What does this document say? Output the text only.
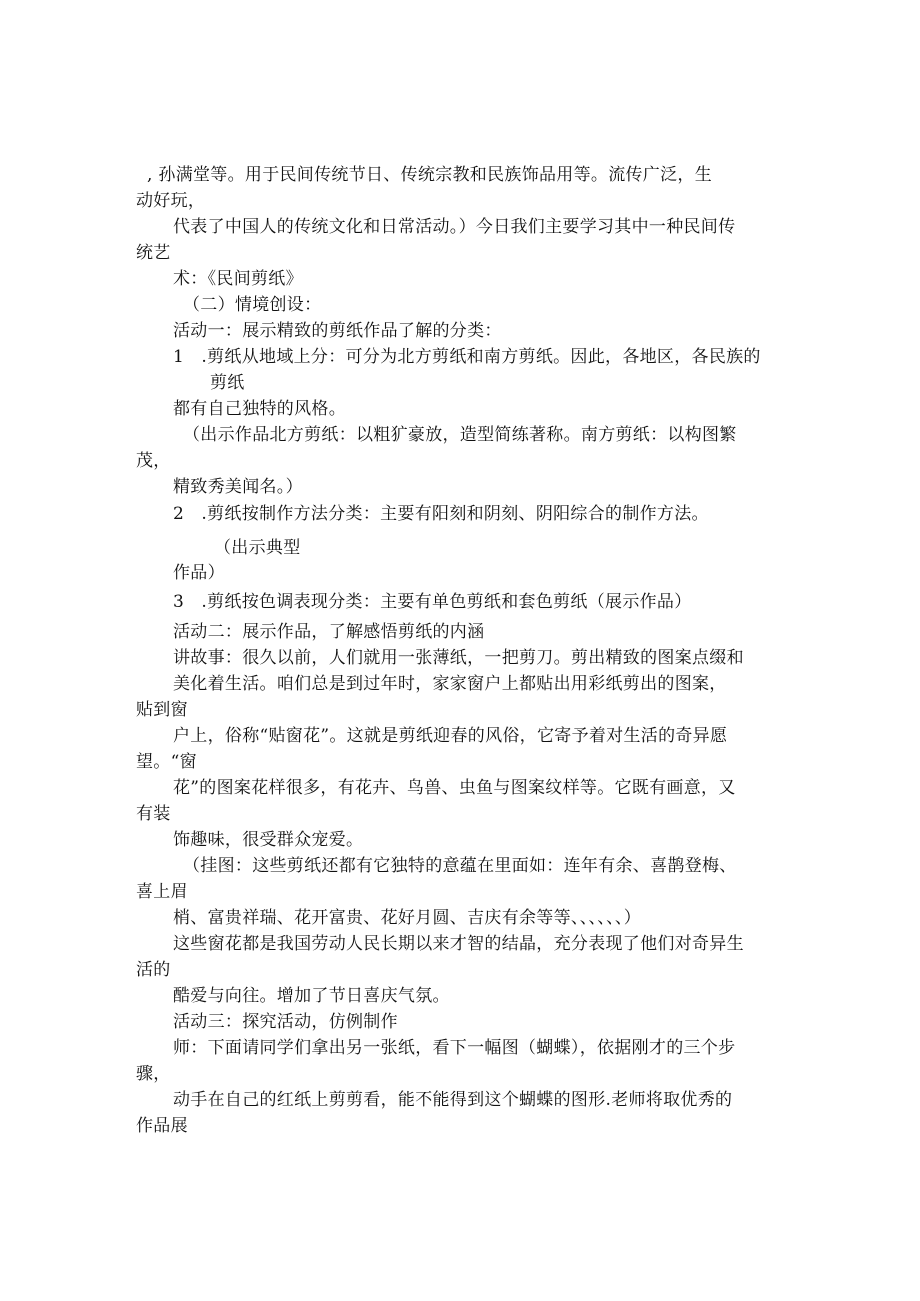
, 孙满堂等。用于民间传统节日、传统宗教和民族饰品用等。流传广泛，生
动好玩，
代表了中国人的传统文化和日常活动。）今日我们主要学习其中一种民间传
统艺
术：《民间剪纸》
（二）情境创设：
活动一：展示精致的剪纸作品了解的分类：
1　.剪纸从地域上分：可分为北方剪纸和南方剪纸。因此，各地区，各民族的
剪纸
都有自己独特的风格。
（出示作品北方剪纸：以粗犷豪放，造型简练著称。南方剪纸：以构图繁
茂，
精致秀美闻名。）
2　.剪纸按制作方法分类：主要有阳刻和阴刻、阴阳综合的制作方法。
（出示典型
作品）
3　.剪纸按色调表现分类：主要有单色剪纸和套色剪纸（展示作品）
活动二：展示作品，了解感悟剪纸的内涵
讲故事：很久以前，人们就用一张薄纸，一把剪刀。剪出精致的图案点缀和
美化着生活。咱们总是到过年时，家家窗户上都贴出用彩纸剪出的图案，
贴到窗
户上，俗称“贴窗花”。这就是剪纸迎春的风俗，它寄予着对生活的奇异愿
望。“窗
花”的图案花样很多，有花卉、鸟兽、虫鱼与图案纹样等。它既有画意，又
有装
饰趣味，很受群众宠爱。
（挂图：这些剪纸还都有它独特的意蕴在里面如：连年有余、喜鹊登梅、
喜上眉
梢、富贵祥瑞、花开富贵、花好月圆、吉庆有余等等、、、、、、）
这些窗花都是我国劳动人民长期以来才智的结晶，充分表现了他们对奇异生
活的
酷爱与向往。增加了节日喜庆气氛。
活动三：探究活动，仿例制作
师：下面请同学们拿出另一张纸，看下一幅图（蝴蝶），依据刚才的三个步
骤，
动手在自己的红纸上剪剪看，能不能得到这个蝴蝶的图形.老师将取优秀的
作品展
